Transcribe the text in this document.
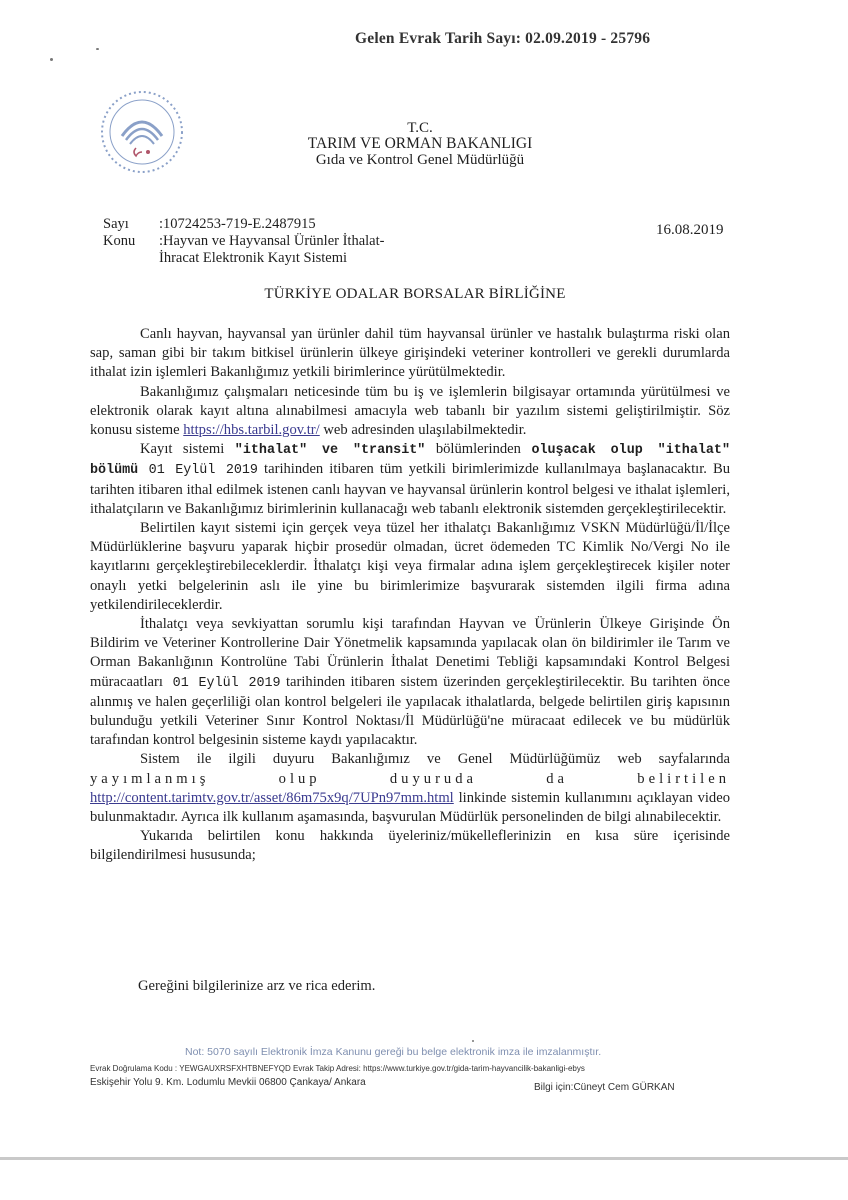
Gelen Evrak Tarih Sayı: 02.09.2019 - 25796
T.C.
TARIM VE ORMAN BAKANLIGI
Gıda ve Kontrol Genel Müdürlüğü
Sayı	:10724253-719-E.2487915
Konu	:Hayvan ve Hayvansal Ürünler İthalat-
İhracat Elektronik Kayıt Sistemi
16.08.2019
TÜRKİYE ODALAR BORSALAR BİRLİĞİNE

Canlı hayvan, hayvansal yan ürünler dahil tüm hayvansal ürünler ve hastalık bulaştırma riski olan sap, saman gibi bir takım bitkisel ürünlerin ülkeye girişindeki veteriner kontrolleri ve gerekli durumlarda ithalat izin işlemleri Bakanlığımız yetkili birimlerince yürütülmektedir.

Bakanlığımız çalışmaları neticesinde tüm bu iş ve işlemlerin bilgisayar ortamında yürütülmesi ve elektronik olarak kayıt altına alınabilmesi amacıyla web tabanlı bir yazılım sistemi geliştirilmiştir. Söz konusu sisteme https://hbs.tarbil.gov.tr/ web adresinden ulaşılabilmektedir.

Kayıt sistemi "ithalat" ve "transit" bölümlerinden oluşacak olup "ithalat" bölümü 01 Eylül 2019 tarihinden itibaren tüm yetkili birimlerimizde kullanılmaya başlanacaktır. Bu tarihten itibaren ithal edilmek istenen canlı hayvan ve hayvansal ürünlerin kontrol belgesi ve ithalat işlemleri, ithalatçıların ve Bakanlığımız birimlerinin kullanacağı web tabanlı elektronik sistemden gerçekleştirilecektir.

Belirtilen kayıt sistemi için gerçek veya tüzel her ithalatçı Bakanlığımız VSKN Müdürlüğü/İl/İlçe Müdürlüklerine başvuru yaparak hiçbir prosedür olmadan, ücret ödemeden TC Kimlik No/Vergi No ile kayıtlarını gerçekleştirebileceklerdir. İthalatçı kişi veya firmalar adına işlem gerçekleştirecek kişiler noter onaylı yetki belgelerinin aslı ile yine bu birimlerimize başvurarak sistemden ilgili firma adına yetkilendirileceklerdir.

İthalatçı veya sevkiyattan sorumlu kişi tarafından Hayvan ve Ürünlerin Ülkeye Girişinde Ön Bildirim ve Veteriner Kontrollerine Dair Yönetmelik kapsamında yapılacak olan ön bildirimler ile Tarım ve Orman Bakanlığının Kontrolüne Tabi Ürünlerin İthalat Denetimi Tebliği kapsamındaki Kontrol Belgesi müracaatları 01 Eylül 2019 tarihinden itibaren sistem üzerinden gerçekleştirilecektir. Bu tarihten önce alınmış ve halen geçerliliği olan kontrol belgeleri ile yapılacak ithalatlarda, belgede belirtilen giriş kapısının bulunduğu yetkili Veteriner Sınır Kontrol Noktası/İl Müdürlüğü'ne müracaat edilecek ve bu müdürlük tarafından kontrol belgesinin sisteme kaydı yapılacaktır.

Sistem ile ilgili duyuru Bakanlığımız ve Genel Müdürlüğümüz web sayfalarında yayımlanmış olup duyuruda da belirtilen http://content.tarimtv.gov.tr/asset/86m75x9q/7UPn97mm.html linkinde sistemin kullanımını açıklayan video bulunmaktadır. Ayrıca ilk kullanım aşamasında, başvurulan Müdürlük personelinden de bilgi alınabilecektir.

Yukarıda belirtilen konu hakkında üyeleriniz/mükelleflerinizin en kısa süre içerisinde bilgilendirilmesi hususunda;

Gereğini bilgilerinize arz ve rica ederim.
Not: 5070 sayılı Elektronik İmza Kanunu gereği bu belge elektronik imza ile imzalanmıştır.
Evrak Doğrulama Kodu : YEWGAUXRSFXHTBNEFYQD Evrak Takip Adresi: https://www.turkiye.gov.tr/gida-tarim-hayvancilik-bakanligi-ebys
Eskişehir Yolu 9. Km. Lodumlu Mevkii 06800 Çankaya/ Ankara	Bilgi için:Cüneyt Cem GÜRKAN
